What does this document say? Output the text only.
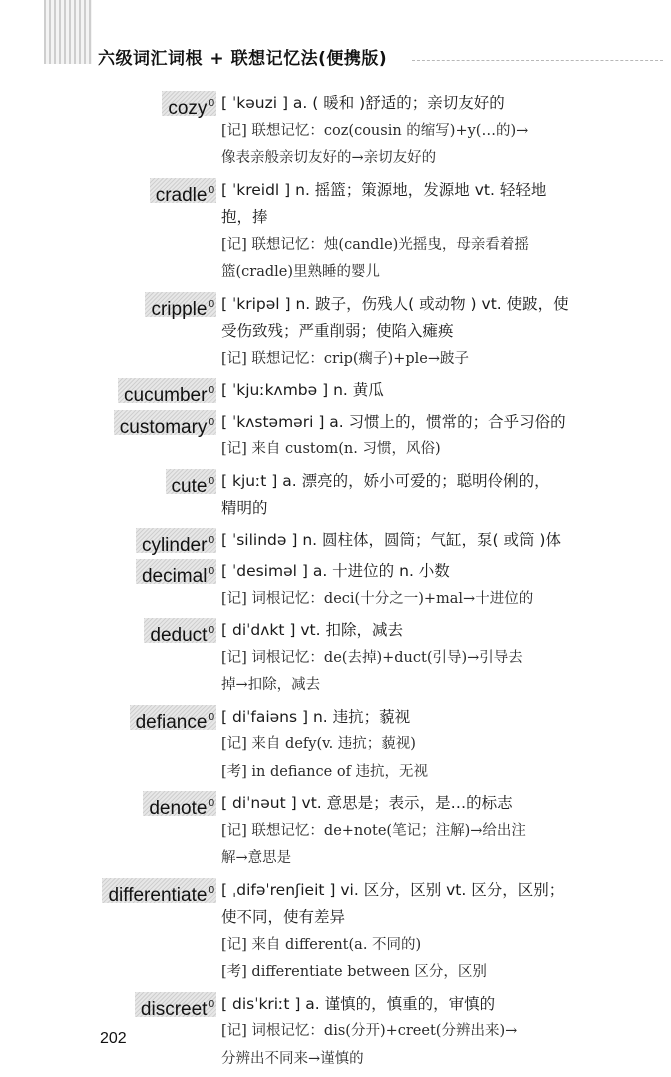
六级词汇词根 + 联想记忆法(便携版)
cozy$^0$ [ ˈkəuzi ] a. ( 暖和 )舒适的；亲切友好的
[记] 联想记忆：coz(cousin 的缩写)+y(…的)→
像表亲般亲切友好的→亲切友好的
cradle$^0$ [ ˈkreidl ] n. 摇篮；策源地，发源地 vt. 轻轻地
抱，捧
[记] 联想记忆：烛(candle)光摇曳，母亲看着摇
篮(cradle)里熟睡的婴儿
cripple$^0$ [ ˈkripəl ] n. 跛子，伤残人( 或动物 ) vt. 使跛，使
受伤致残；严重削弱；使陷入瘫痪
[记] 联想记忆：crip(瘸子)+ple→跛子
cucumber$^0$ [ ˈkjuːkʌmbə ] n. 黄瓜
customary$^0$ [ ˈkʌstəməri ] a. 习惯上的，惯常的；合乎习俗的
[记] 来自 custom(n. 习惯，风俗)
cute$^0$ [ kjuːt ] a. 漂亮的，娇小可爱的；聪明伶俐的，
精明的
cylinder$^0$ [ ˈsilində ] n. 圆柱体，圆筒；气缸，泵( 或筒 )体
decimal$^0$ [ ˈdesiməl ] a. 十进位的 n. 小数
[记] 词根记忆：deci(十分之一)+mal→十进位的
deduct$^0$ [ diˈdʌkt ] vt. 扣除，减去
[记] 词根记忆：de(去掉)+duct(引导)→引导去
掉→扣除，减去
defiance$^0$ [ diˈfaiəns ] n. 违抗；藐视
[记] 来自 defy(v. 违抗；藐视)
[考] in defiance of 违抗，无视
denote$^0$ [ diˈnəut ] vt. 意思是；表示，是…的标志
[记] 联想记忆：de+note(笔记；注解)→给出注
解→意思是
differentiate$^0$ [ ˌdifəˈrenʃieit ] vi. 区分，区别 vt. 区分，区别；
使不同，使有差异
[记] 来自 different(a. 不同的)
[考] differentiate between 区分，区别
discreet$^0$ [ disˈkriːt ] a. 谨慎的，慎重的，审慎的
[记] 词根记忆：dis(分开)+creet(分辨出来)→
分辨出不同来→谨慎的
202
